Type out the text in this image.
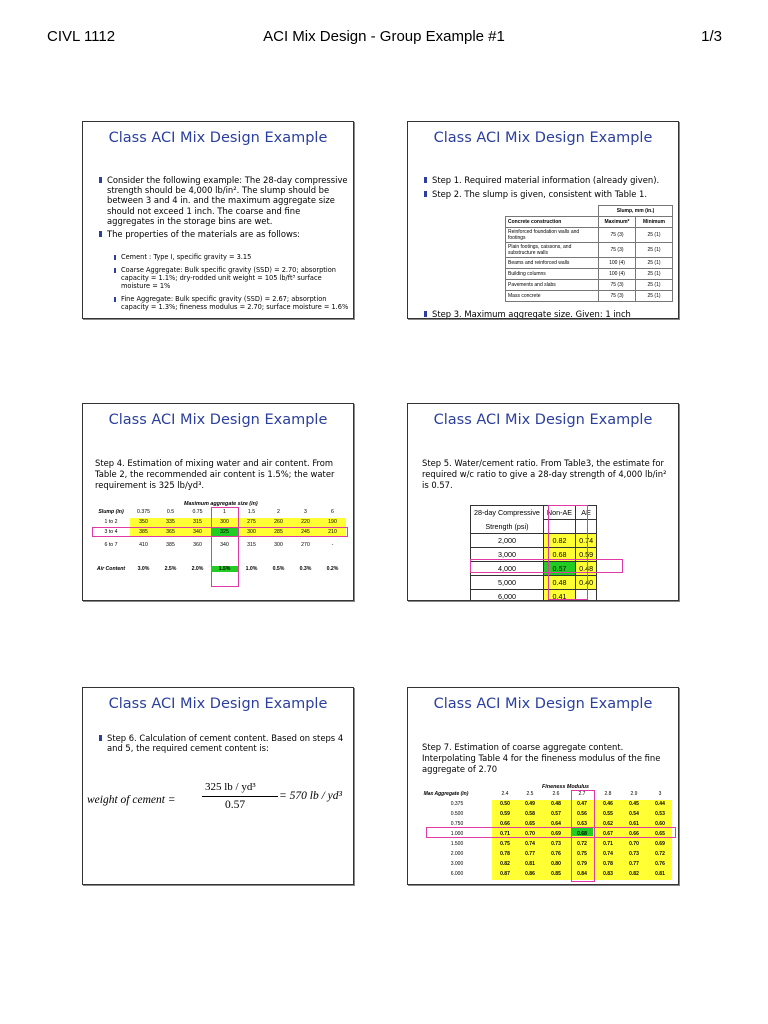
CIVL 1112	ACI Mix Design - Group Example #1	1/3
Class ACI Mix Design Example
Consider the following example: The 28-day compressive strength should be 4,000 lb/in². The slump should be between 3 and 4 in. and the maximum aggregate size should not exceed 1 inch. The coarse and fine aggregates in the storage bins are wet.
The properties of the materials are as follows:
Cement : Type I, specific gravity = 3.15
Coarse Aggregate: Bulk specific gravity (SSD) = 2.70; absorption capacity = 1.1%; dry-rodded unit weight = 105 lb/ft³ surface moisture = 1%
Fine Aggregate: Bulk specific gravity (SSD) = 2.67; absorption capacity = 1.3%; fineness modulus = 2.70; surface moisture = 1.6%
Class ACI Mix Design Example
Step 1. Required material information (already given).
Step 2. The slump is given, consistent with Table 1.
	Slump, mm (in.)	
Concrete construction	Maximum*	Minimum
Reinforced foundation walls and footings	75 (3)	25 (1)
Plain footings, caissons, and substructure walls	75 (3)	25 (1)
Beams and reinforced walls	100 (4)	25 (1)
Building columns	100 (4)	25 (1)
Pavements and slabs	75 (3)	25 (1)
Mass concrete	75 (3)	25 (1)
Step 3. Maximum aggregate size. Given: 1 inch
Class ACI Mix Design Example
Step 4. Estimation of mixing water and air content. From Table 2, the recommended air content is 1.5%; the water requirement is 325 lb/yd³.
Maximum aggregate size (in)
Slump (in)	0.375	0.5	0.75	1	1.5	2	3	6
1 to 2	350	335	315	300	275	260	220	190
3 to 4	385	365	340	325	300	285	245	210
6 to 7	410	385	360	340	315	300	270	-
Air Content	3.0%	2.5%	2.0%	1.5%	1.0%	0.5%	0.3%	0.2%
Class ACI Mix Design Example
Step 5. Water/cement ratio. From Table3, the estimate for required w/c ratio to give a 28-day strength of 4,000 lb/in² is 0.57.
28-day Compressive	Non-AE	AE
Strength (psi)		
2,000	0.82	0.74
3,000	0.68	0.59
4,000	0.57	0.48
5,000	0.48	0.40
6,000	0.41	
Class ACI Mix Design Example
Step 6. Calculation of cement content. Based on steps 4 and 5, the required cement content is:
weight of cement =
325 lb / yd³
0.57
= 570 lb / yd³
Class ACI Mix Design Example
Step 7. Estimation of coarse aggregate content. Interpolating Table 4 for the fineness modulus of the fine aggregate of 2.70
Fineness Modulus
Max Aggregate (in)	2.4	2.5	2.6	2.7	2.8	2.9	3
0.375	0.50	0.49	0.48	0.47	0.46	0.45	0.44
0.500	0.59	0.58	0.57	0.56	0.55	0.54	0.53
0.750	0.66	0.65	0.64	0.63	0.62	0.61	0.60
1.000	0.71	0.70	0.69	0.68	0.67	0.66	0.65
1.500	0.75	0.74	0.73	0.72	0.71	0.70	0.69
2.000	0.78	0.77	0.76	0.75	0.74	0.73	0.72
3.000	0.82	0.81	0.80	0.79	0.78	0.77	0.76
6.000	0.87	0.86	0.85	0.84	0.83	0.82	0.81
